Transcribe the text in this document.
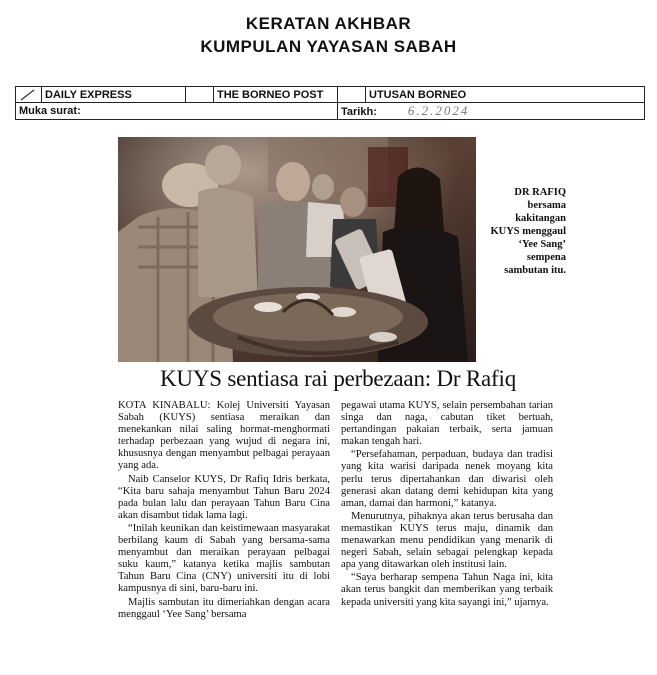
KERATAN AKHBAR
KUMPULAN YAYASAN SABAH
	DAILY EXPRESS		THE BORNEO POST		UTUSAN BORNEO
Muka surat:				Tarikh: 6.2.2024	
DR RAFIQ
bersama kakitangan KUYS menggaul ‘Yee Sang’ sempena sambutan itu.
KUYS sentiasa rai perbezaan: Dr Rafiq

KOTA KINABALU: Kolej Universiti Yayasan Sabah (KUYS) sentiasa meraikan dan menekankan nilai saling hormat-menghormati terhadap perbezaan yang wujud di negara ini, khususnya dengan menyambut pelbagai perayaan yang ada.

Naib Canselor KUYS, Dr Rafiq Idris berkata, “Kita baru sahaja menyambut Tahun Baru 2024 pada bulan lalu dan perayaan Tahun Baru Cina akan disambut tidak lama lagi.

“Inilah keunikan dan keistimewaan masyarakat berbilang kaum di Sabah yang bersama-sama menyambut dan meraikan perayaan pelbagai suku kaum,” katanya ketika majlis sambutan Tahun Baru Cina (CNY) universiti itu di lobi kampusnya di sini, baru-baru ini.

Majlis sambutan itu dimeriahkan dengan acara menggaul ‘Yee Sang’ bersama

pegawai utama KUYS, selain persembahan tarian singa dan naga, cabutan tiket bertuah, pertandingan pakaian terbaik, serta jamuan makan tengah hari.

“Persefahaman, perpaduan, budaya dan tradisi yang kita warisi daripada nenek moyang kita perlu terus dipertahankan dan diwarisi oleh generasi akan datang demi kehidupan kita yang aman, damai dan harmoni,” katanya.

Menurutnya, pihaknya akan terus berusaha dan memastikan KUYS terus maju, dinamik dan menawarkan menu pendidikan yang menarik di negeri Sabah, selain sebagai pelengkap kepada apa yang ditawarkan oleh institusi lain.

“Saya berharap sempena Tahun Naga ini, kita akan terus bangkit dan memberikan yang terbaik kepada universiti yang kita sayangi ini,” ujarnya.
